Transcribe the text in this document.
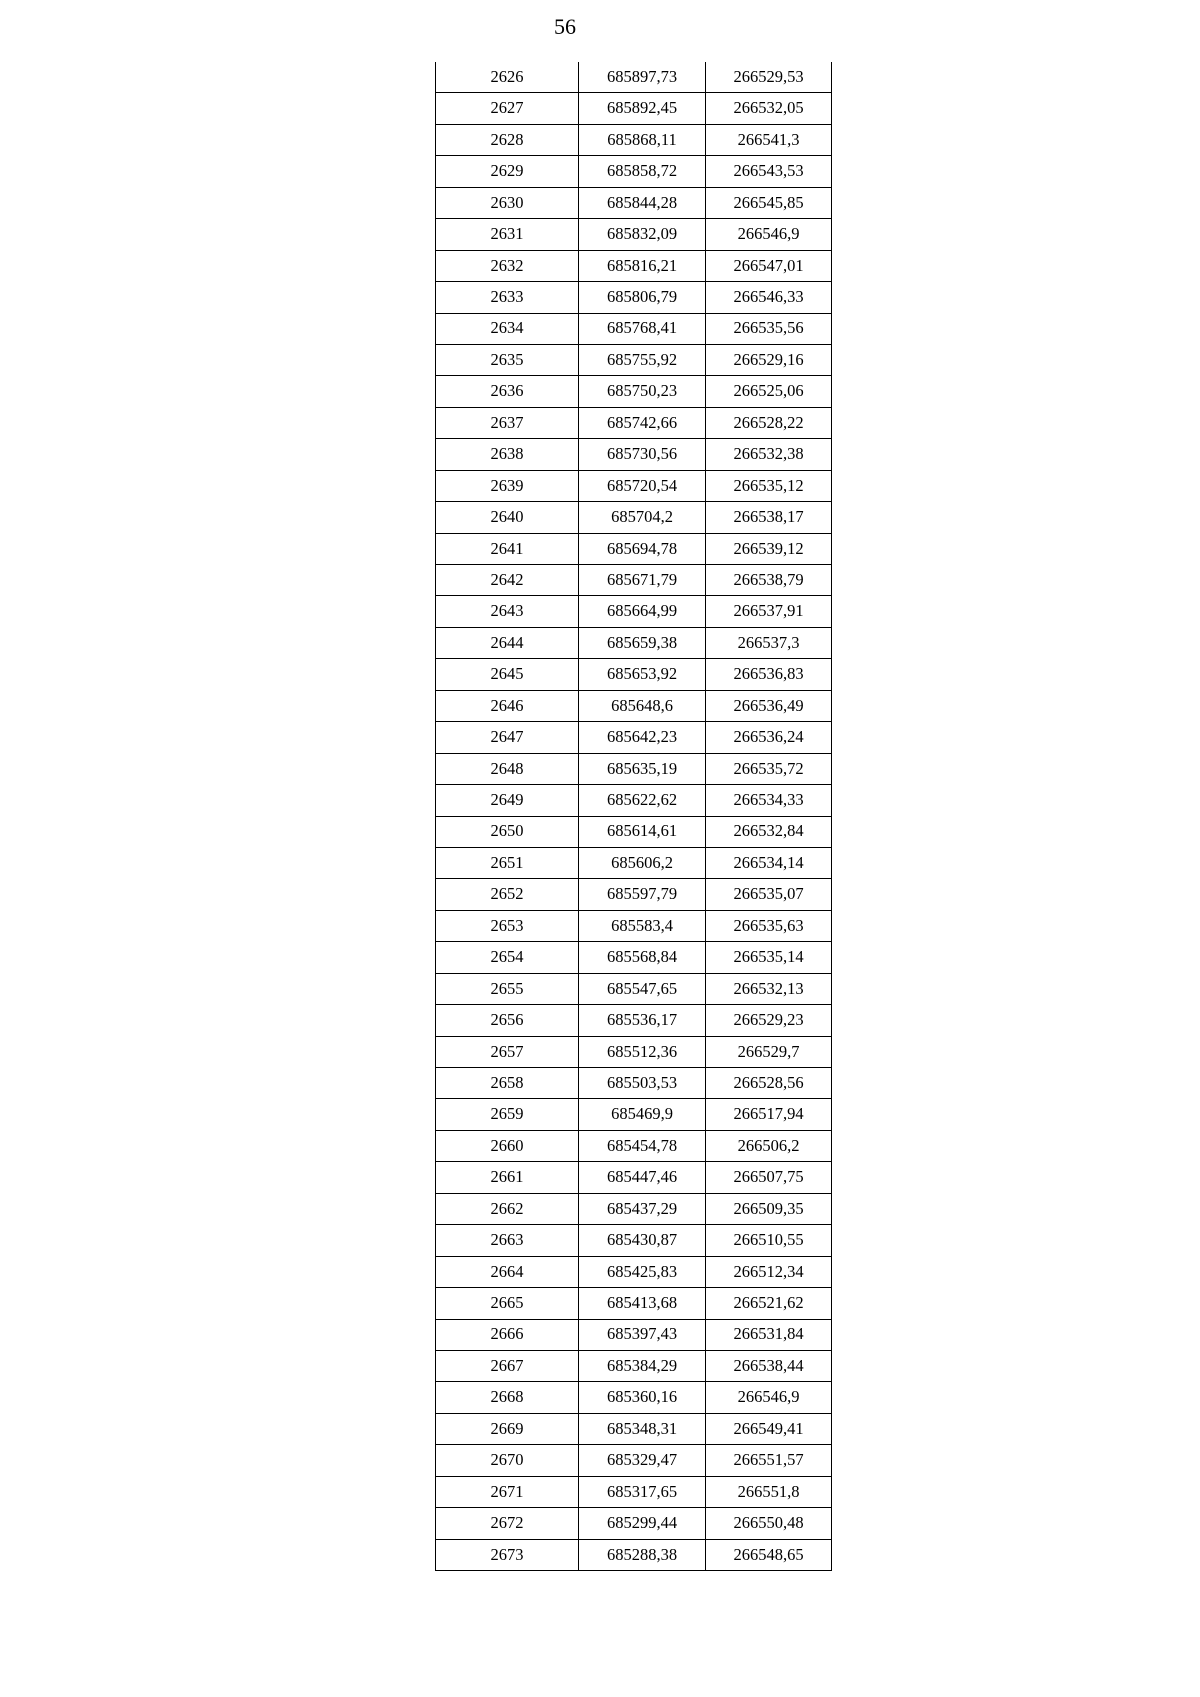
56
2626	685897,73	266529,53
2627	685892,45	266532,05
2628	685868,11	266541,3
2629	685858,72	266543,53
2630	685844,28	266545,85
2631	685832,09	266546,9
2632	685816,21	266547,01
2633	685806,79	266546,33
2634	685768,41	266535,56
2635	685755,92	266529,16
2636	685750,23	266525,06
2637	685742,66	266528,22
2638	685730,56	266532,38
2639	685720,54	266535,12
2640	685704,2	266538,17
2641	685694,78	266539,12
2642	685671,79	266538,79
2643	685664,99	266537,91
2644	685659,38	266537,3
2645	685653,92	266536,83
2646	685648,6	266536,49
2647	685642,23	266536,24
2648	685635,19	266535,72
2649	685622,62	266534,33
2650	685614,61	266532,84
2651	685606,2	266534,14
2652	685597,79	266535,07
2653	685583,4	266535,63
2654	685568,84	266535,14
2655	685547,65	266532,13
2656	685536,17	266529,23
2657	685512,36	266529,7
2658	685503,53	266528,56
2659	685469,9	266517,94
2660	685454,78	266506,2
2661	685447,46	266507,75
2662	685437,29	266509,35
2663	685430,87	266510,55
2664	685425,83	266512,34
2665	685413,68	266521,62
2666	685397,43	266531,84
2667	685384,29	266538,44
2668	685360,16	266546,9
2669	685348,31	266549,41
2670	685329,47	266551,57
2671	685317,65	266551,8
2672	685299,44	266550,48
2673	685288,38	266548,65
